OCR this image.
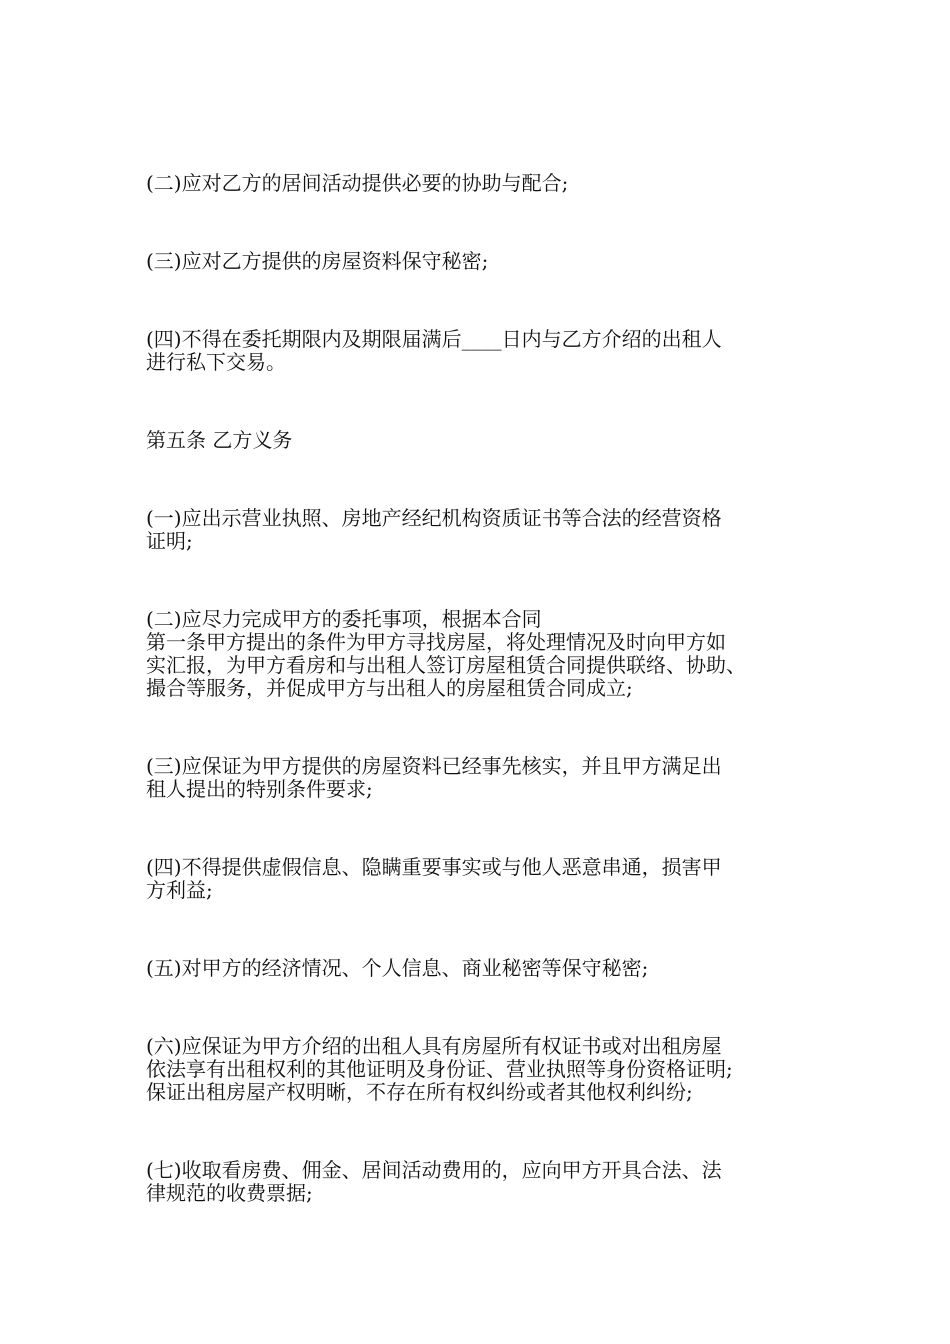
(二)应对乙方的居间活动提供必要的协助与配合;

(三)应对乙方提供的房屋资料保守秘密;

(四)不得在委托期限内及期限届满后____日内与乙方介绍的出租人
进行私下交易。

第五条 乙方义务

(一)应出示营业执照、房地产经纪机构资质证书等合法的经营资格
证明;

(二)应尽力完成甲方的委托事项，根据本合同
第一条甲方提出的条件为甲方寻找房屋，将处理情况及时向甲方如
实汇报，为甲方看房和与出租人签订房屋租赁合同提供联络、协助、
撮合等服务，并促成甲方与出租人的房屋租赁合同成立;

(三)应保证为甲方提供的房屋资料已经事先核实，并且甲方满足出
租人提出的特别条件要求;

(四)不得提供虚假信息、隐瞒重要事实或与他人恶意串通，损害甲
方利益;

(五)对甲方的经济情况、个人信息、商业秘密等保守秘密;

(六)应保证为甲方介绍的出租人具有房屋所有权证书或对出租房屋
依法享有出租权利的其他证明及身份证、营业执照等身份资格证明;
保证出租房屋产权明晰，不存在所有权纠纷或者其他权利纠纷;

(七)收取看房费、佣金、居间活动费用的，应向甲方开具合法、法
律规范的收费票据;
